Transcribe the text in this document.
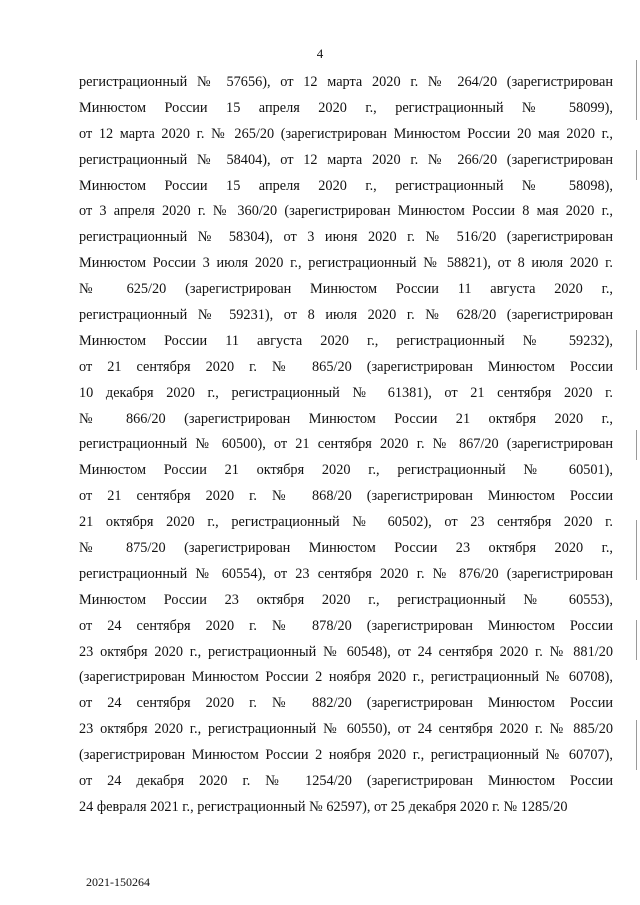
4
регистрационный № 57656), от 12 марта 2020 г. № 264/20 (зарегистрирован
Минюстом России 15 апреля 2020 г., регистрационный № 58099),
от 12 марта 2020 г. № 265/20 (зарегистрирован Минюстом России 20 мая 2020 г.,
регистрационный № 58404), от 12 марта 2020 г. № 266/20 (зарегистрирован
Минюстом России 15 апреля 2020 г., регистрационный № 58098),
от 3 апреля 2020 г. № 360/20 (зарегистрирован Минюстом России 8 мая 2020 г.,
регистрационный № 58304), от 3 июня 2020 г. № 516/20 (зарегистрирован
Минюстом России 3 июля 2020 г., регистрационный № 58821), от 8 июля 2020 г.
№ 625/20 (зарегистрирован Минюстом России 11 августа 2020 г.,
регистрационный № 59231), от 8 июля 2020 г. № 628/20 (зарегистрирован
Минюстом России 11 августа 2020 г., регистрационный № 59232),
от 21 сентября 2020 г. № 865/20 (зарегистрирован Минюстом России
10 декабря 2020 г., регистрационный № 61381), от 21 сентября 2020 г.
№ 866/20 (зарегистрирован Минюстом России 21 октября 2020 г.,
регистрационный № 60500), от 21 сентября 2020 г. № 867/20 (зарегистрирован
Минюстом России 21 октября 2020 г., регистрационный № 60501),
от 21 сентября 2020 г. № 868/20 (зарегистрирован Минюстом России
21 октября 2020 г., регистрационный № 60502), от 23 сентября 2020 г.
№ 875/20 (зарегистрирован Минюстом России 23 октября 2020 г.,
регистрационный № 60554), от 23 сентября 2020 г. № 876/20 (зарегистрирован
Минюстом России 23 октября 2020 г., регистрационный № 60553),
от 24 сентября 2020 г. № 878/20 (зарегистрирован Минюстом России
23 октября 2020 г., регистрационный № 60548), от 24 сентября 2020 г. № 881/20
(зарегистрирован Минюстом России 2 ноября 2020 г., регистрационный № 60708),
от 24 сентября 2020 г. № 882/20 (зарегистрирован Минюстом России
23 октября 2020 г., регистрационный № 60550), от 24 сентября 2020 г. № 885/20
(зарегистрирован Минюстом России 2 ноября 2020 г., регистрационный № 60707),
от 24 декабря 2020 г. № 1254/20 (зарегистрирован Минюстом России
24 февраля 2021 г., регистрационный № 62597), от 25 декабря 2020 г. № 1285/20
2021-150264
